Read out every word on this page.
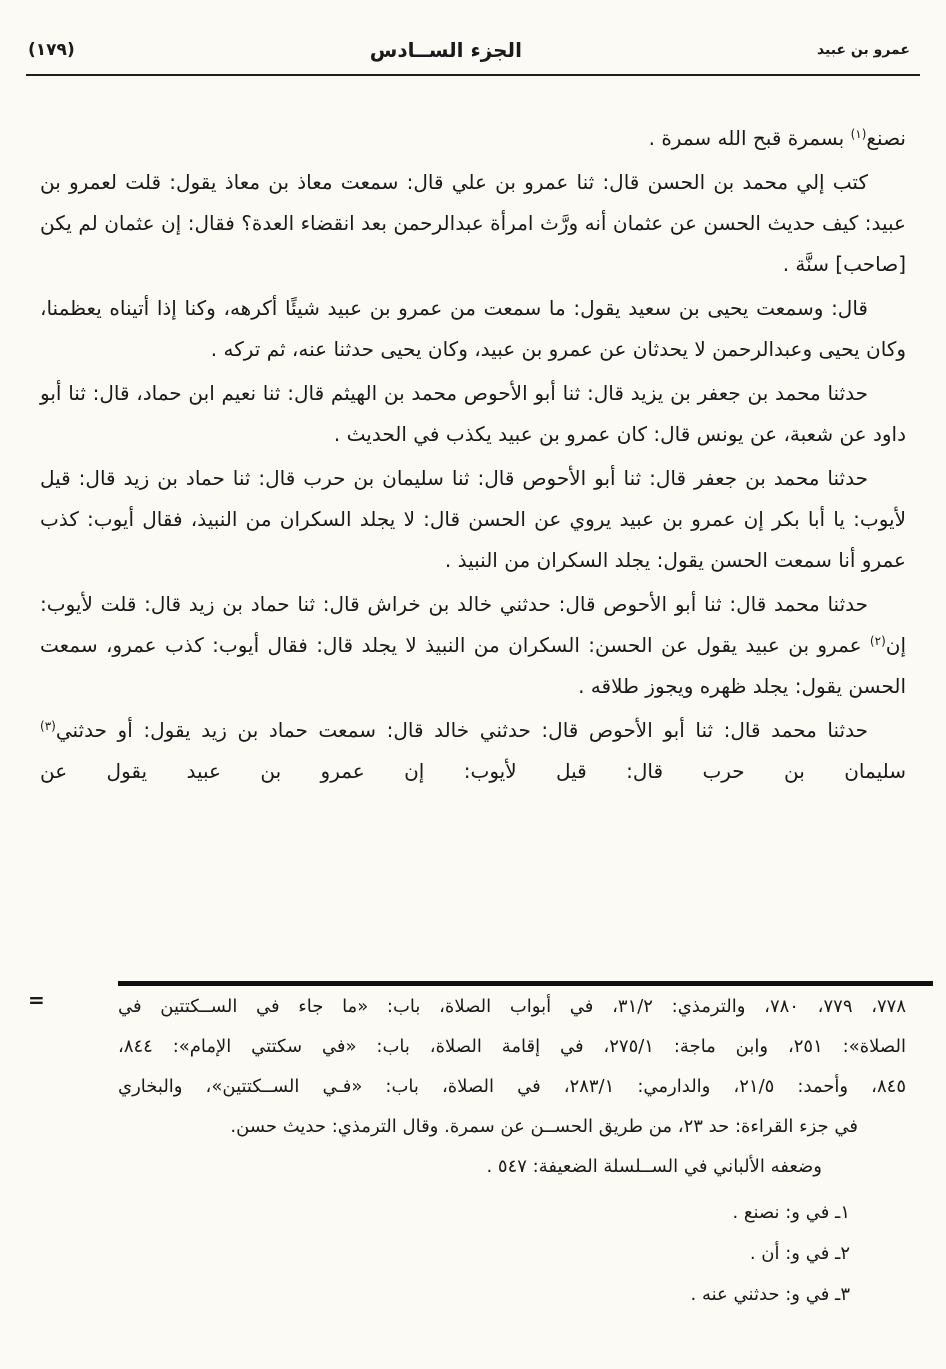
عمرو بن عبيد
الجزء الســادس
(١٧٩)

نصنع$^{(١)}$ بسمرة قبح الله سمرة .

كتب إلي محمد بن الحسن قال: ثنا عمرو بن علي قال: سمعت معاذ بن معاذ يقول: قلت لعمرو بن عبيد: كيف حديث الحسن عن عثمان أنه ورَّث امرأة عبدالرحمن بعد انقضاء العدة؟ فقال: إن عثمان لم يكن [صاحب] سنَّة .

قال: وسمعت يحيى بن سعيد يقول: ما سمعت من عمرو بن عبيد شيئًا أكرهه، وكنا إذا أتيناه يعظمنا، وكان يحيى وعبدالرحمن لا يحدثان عن عمرو بن عبيد، وكان يحيى حدثنا عنه، ثم تركه .

حدثنا محمد بن جعفر بن يزيد قال: ثنا أبو الأحوص محمد بن الهيثم قال: ثنا نعيم ابن حماد، قال: ثنا أبو داود عن شعبة، عن يونس قال: كان عمرو بن عبيد يكذب في الحديث .

حدثنا محمد بن جعفر قال: ثنا أبو الأحوص قال: ثنا سليمان بن حرب قال: ثنا حماد بن زيد قال: قيل لأيوب: يا أبا بكر إن عمرو بن عبيد يروي عن الحسن قال: لا يجلد السكران من النبيذ، فقال أيوب: كذب عمرو أنا سمعت الحسن يقول: يجلد السكران من النبيذ .

حدثنا محمد قال: ثنا أبو الأحوص قال: حدثني خالد بن خراش قال: ثنا حماد بن زيد قال: قلت لأيوب: إن$^{(٢)}$ عمرو بن عبيد يقول عن الحسن: السكران من النبيذ لا يجلد قال: فقال أيوب: كذب عمرو، سمعت الحسن يقول: يجلد ظهره ويجوز طلاقه .

حدثنا محمد قال: ثنا أبو الأحوص قال: حدثني خالد قال: سمعت حماد بن زيد يقول: أو حدثني$^{(٣)}$ سليمان بن حرب قال: قيل لأيوب: إن عمرو بن عبيد يقول عن

=	٧٧٨، ٧٧٩، ٧٨٠، والترمذي: ٣١/٢، في أبواب الصلاة، باب: «ما جاء في الســكتتين في
الصلاة»: ٢٥١، وابن ماجة: ٢٧٥/١، في إقامة الصلاة، باب: «في سكتتي الإمام»: ٨٤٤،
٨٤٥، وأحمد: ٢١/٥، والدارمي: ٢٨٣/١، في الصلاة، باب: «فـي الســكتتين»، والبخاري
في جزء القراءة: حد ٢٣، من طريق الحســن عن سمرة. وقال الترمذي: حديث حسن.
وضعفه الألباني في الســلسلة الضعيفة: ٥٤٧ .
١ـ في و: نصنع .
٢ـ في و: أن .
٣ـ في و: حدثني عنه .
